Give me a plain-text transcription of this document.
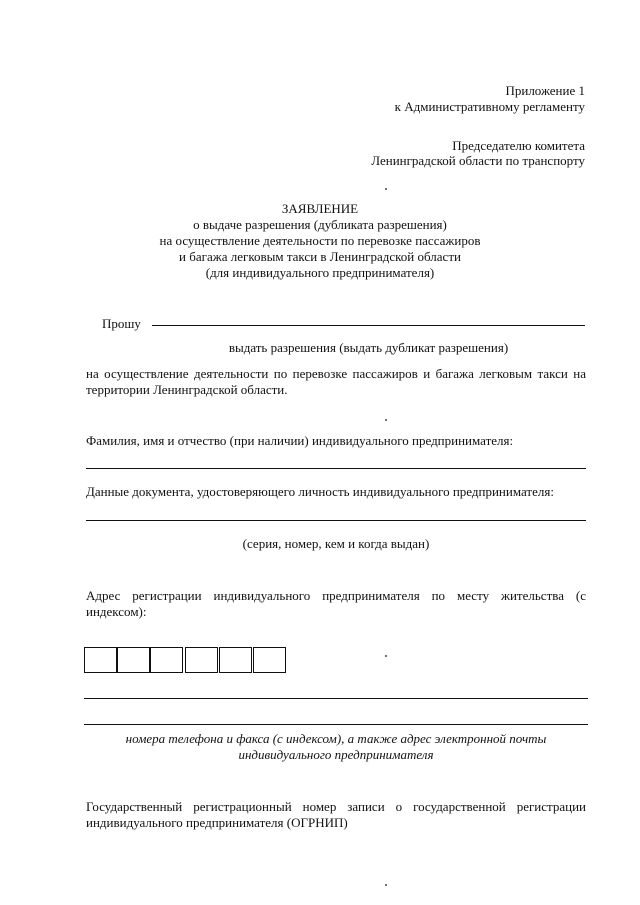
Приложение 1
к Административному регламенту
Председателю комитета
Ленинградской области по транспорту
ЗАЯВЛЕНИЕ
о выдаче разрешения (дубликата разрешения)
на осуществление деятельности по перевозке пассажиров
и багажа легковым такси в Ленинградской области
(для индивидуального предпринимателя)
Прошу
выдать разрешения (выдать дубликат разрешения)
на осуществление деятельности по перевозке пассажиров и багажа легковым такси на
территории Ленинградской области.
Фамилия, имя и отчество (при наличии) индивидуального предпринимателя:
Данные документа, удостоверяющего личность индивидуального предпринимателя:
(серия, номер, кем и когда выдан)
Адрес регистрации индивидуального предпринимателя по месту жительства (с
индексом):
номера телефона и факса (с индексом), а также адрес электронной почты
индивидуального предпринимателя
Государственный регистрационный номер записи о государственной регистрации
индивидуального предпринимателя (ОГРНИП)
